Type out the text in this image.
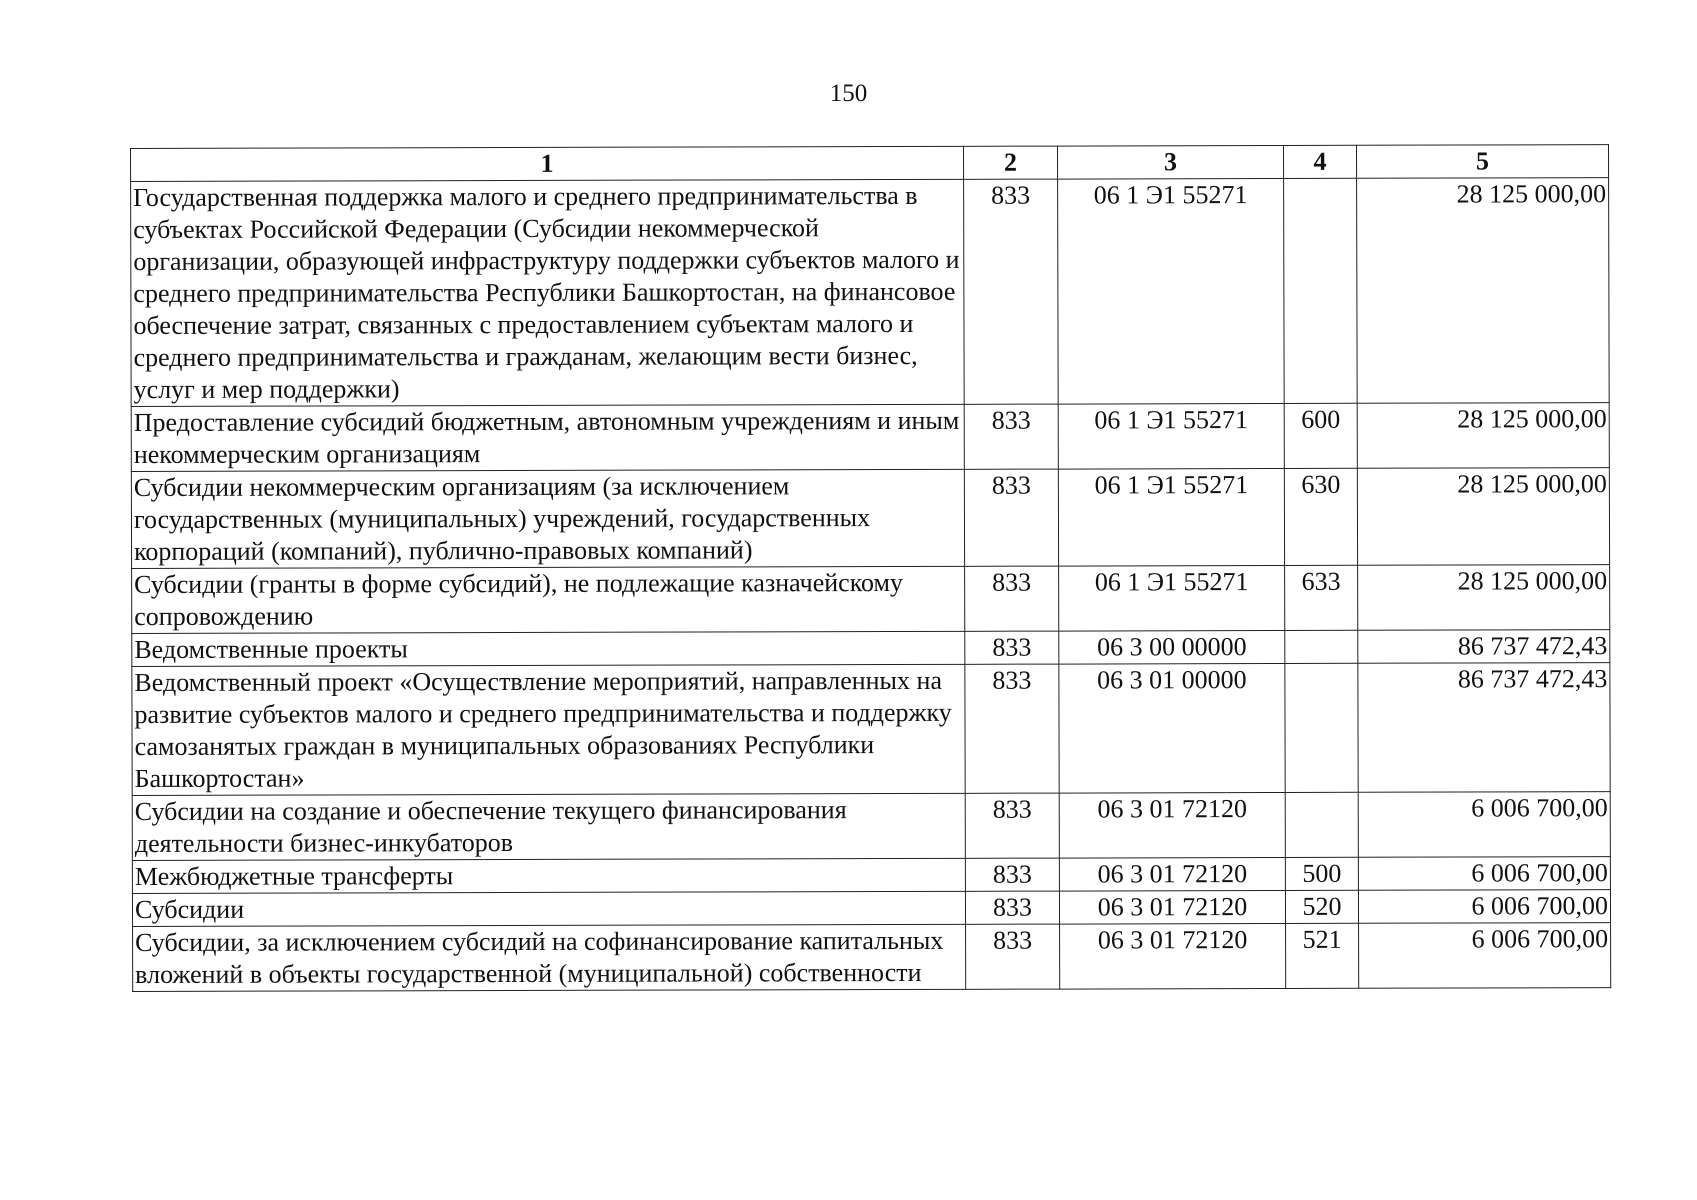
150
1	2	3	4	5
Государственная поддержка малого и среднего предпринимательства в субъектах Российской Федерации (Субсидии некоммерческой организации, образующей инфраструктуру поддержки субъектов малого и среднего предпринимательства Республики Башкортостан, на финансовое обеспечение затрат, связанных с предоставлением субъектам малого и среднего предпринимательства и гражданам, желающим вести бизнес, услуг и мер поддержки)	833	06 1 Э1 55271		28 125 000,00
Предоставление субсидий бюджетным, автономным учреждениям и иным некоммерческим организациям	833	06 1 Э1 55271	600	28 125 000,00
Субсидии некоммерческим организациям (за исключением государственных (муниципальных) учреждений, государственных корпораций (компаний), публично-правовых компаний)	833	06 1 Э1 55271	630	28 125 000,00
Субсидии (гранты в форме субсидий), не подлежащие казначейскому сопровождению	833	06 1 Э1 55271	633	28 125 000,00
Ведомственные проекты	833	06 3 00 00000		86 737 472,43
Ведомственный проект «Осуществление мероприятий, направленных на развитие субъектов малого и среднего предпринимательства и поддержку самозанятых граждан в муниципальных образованиях Республики Башкортостан»	833	06 3 01 00000		86 737 472,43
Субсидии на создание и обеспечение текущего финансирования деятельности бизнес-инкубаторов	833	06 3 01 72120		6 006 700,00
Межбюджетные трансферты	833	06 3 01 72120	500	6 006 700,00
Субсидии	833	06 3 01 72120	520	6 006 700,00
Субсидии, за исключением субсидий на софинансирование капитальных вложений в объекты государственной (муниципальной) собственности	833	06 3 01 72120	521	6 006 700,00
